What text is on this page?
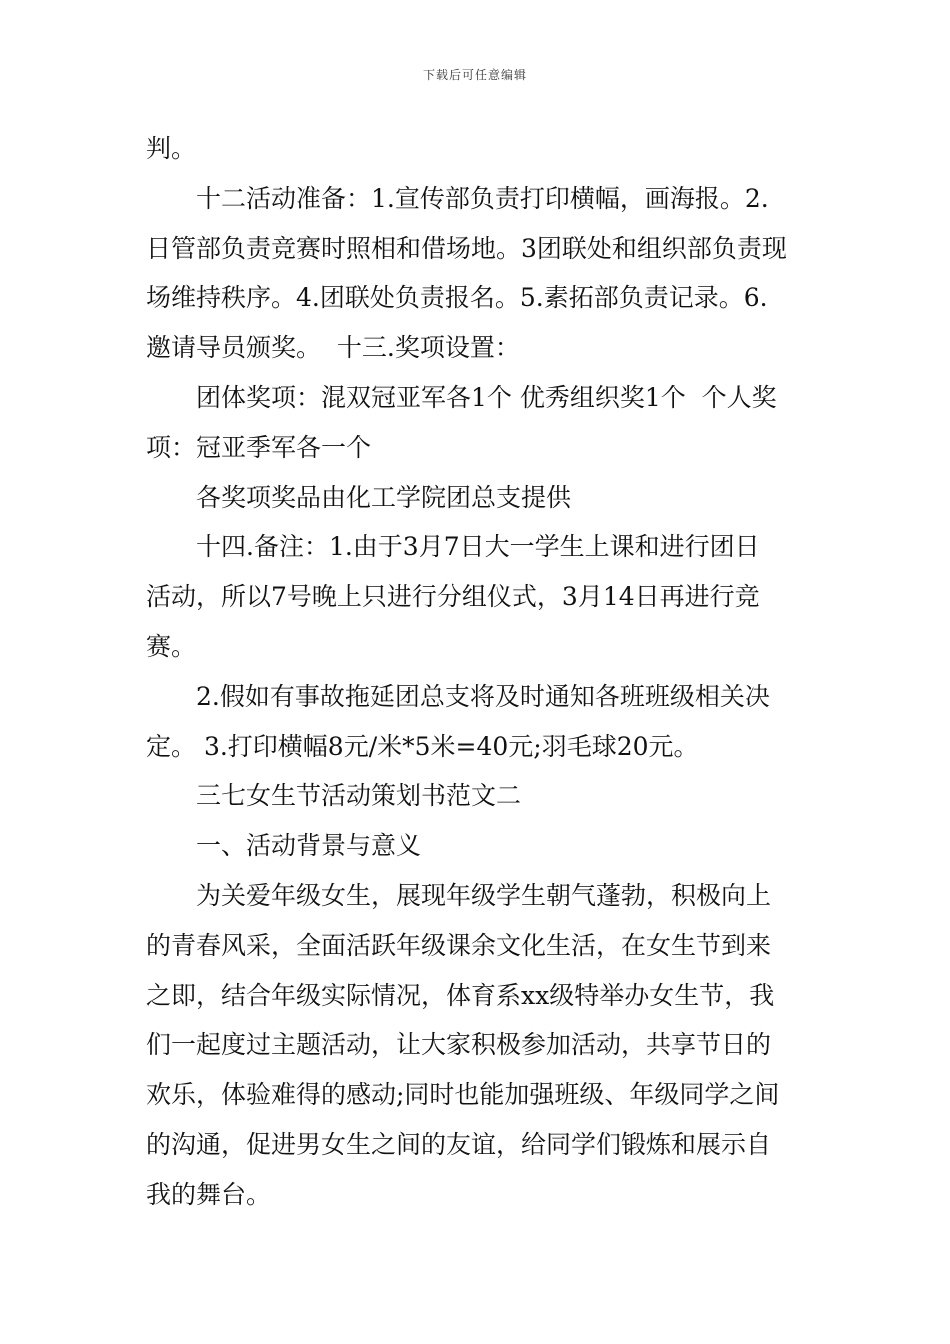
下载后可任意编辑
判。
十二活动准备：1.宣传部负责打印横幅，画海报。2.
日管部负责竞赛时照相和借场地。3团联处和组织部负责现
场维持秩序。4.团联处负责报名。5.素拓部负责记录。6.
邀请导员颁奖。  十三.奖项设置：
团体奖项：混双冠亚军各1个 优秀组织奖1个  个人奖
项：冠亚季军各一个
各奖项奖品由化工学院团总支提供
十四.备注：1.由于3月7日大一学生上课和进行团日
活动，所以7号晚上只进行分组仪式，3月14日再进行竞
赛。
2.假如有事故拖延团总支将及时通知各班班级相关决
定。 3.打印横幅8元/米*5米=40元;羽毛球20元。
三七女生节活动策划书范文二
一、活动背景与意义
为关爱年级女生，展现年级学生朝气蓬勃，积极向上
的青春风采，全面活跃年级课余文化生活，在女生节到来
之即，结合年级实际情况，体育系xx级特举办女生节，我
们一起度过主题活动，让大家积极参加活动，共享节日的
欢乐，体验难得的感动;同时也能加强班级、年级同学之间
的沟通，促进男女生之间的友谊，给同学们锻炼和展示自
我的舞台。
